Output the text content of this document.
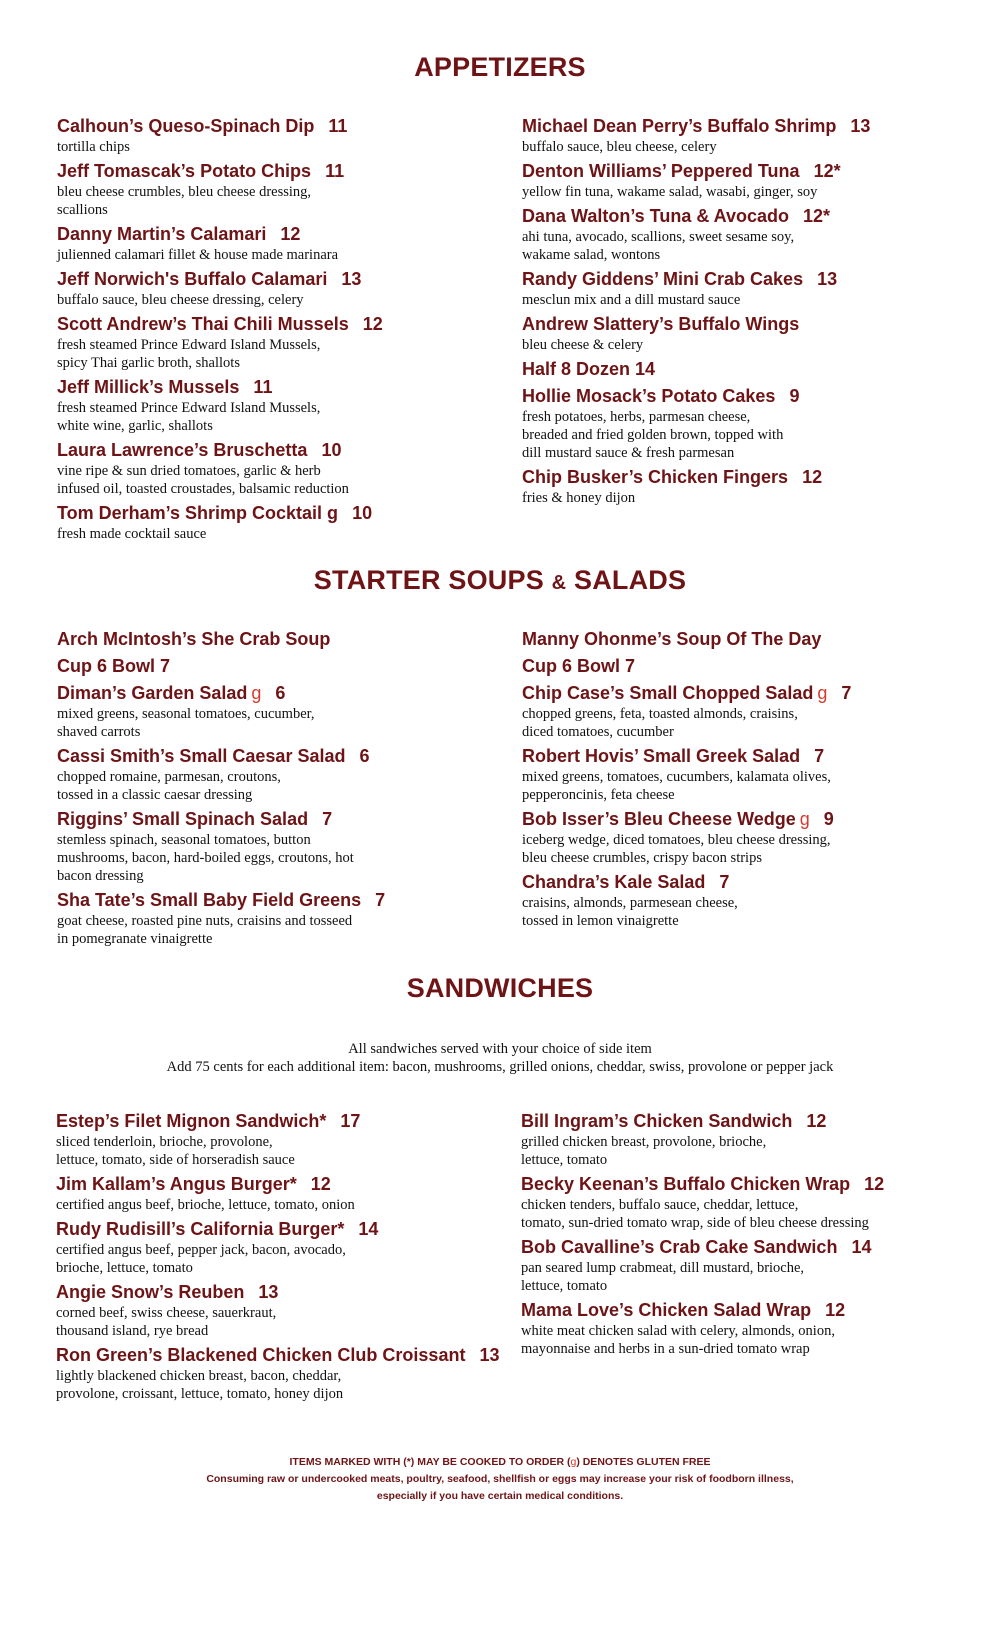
APPETIZERS
Calhoun’s Queso-Spinach Dip 11
tortilla chips
Jeff Tomascak’s Potato Chips 11
bleu cheese crumbles, bleu cheese dressing,
scallions
Danny Martin’s Calamari 12
julienned calamari fillet & house made marinara
Jeff Norwich's Buffalo Calamari 13
buffalo sauce, bleu cheese dressing, celery
Scott Andrew’s Thai Chili Mussels 12
fresh steamed Prince Edward Island Mussels,
spicy Thai garlic broth, shallots
Jeff Millick’s Mussels 11
fresh steamed Prince Edward Island Mussels,
white wine, garlic, shallots
Laura Lawrence’s Bruschetta 10
vine ripe & sun dried tomatoes, garlic & herb
infused oil, toasted croustades, balsamic reduction
Tom Derham’s Shrimp Cocktail g 10
fresh made cocktail sauce
Michael Dean Perry’s Buffalo Shrimp 13
buffalo sauce, bleu cheese, celery
Denton Williams’ Peppered Tuna 12*
yellow fin tuna, wakame salad, wasabi, ginger, soy
Dana Walton’s Tuna & Avocado 12*
ahi tuna, avocado, scallions, sweet sesame soy,
wakame salad, wontons
Randy Giddens’ Mini Crab Cakes 13
mesclun mix and a dill mustard sauce
Andrew Slattery’s Buffalo Wings
bleu cheese & celery
Half 8 Dozen 14
Hollie Mosack’s Potato Cakes 9
fresh potatoes, herbs, parmesan cheese,
breaded and fried golden brown, topped with
dill mustard sauce & fresh parmesan
Chip Busker’s Chicken Fingers 12
fries & honey dijon
STARTER SOUPS & SALADS
Arch McIntosh’s She Crab Soup
Cup 6 Bowl 7
Diman’s Garden Salad g 6
mixed greens, seasonal tomatoes, cucumber,
shaved carrots
Cassi Smith’s Small Caesar Salad 6
chopped romaine, parmesan, croutons,
tossed in a classic caesar dressing
Riggins’ Small Spinach Salad 7
stemless spinach, seasonal tomatoes, button
mushrooms, bacon, hard-boiled eggs, croutons, hot
bacon dressing
Sha Tate’s Small Baby Field Greens 7
goat cheese, roasted pine nuts, craisins and tosseed
in pomegranate vinaigrette
Manny Ohonme’s Soup Of The Day
Cup 6 Bowl 7
Chip Case’s Small Chopped Salad g 7
chopped greens, feta, toasted almonds, craisins,
diced tomatoes, cucumber
Robert Hovis’ Small Greek Salad 7
mixed greens, tomatoes, cucumbers, kalamata olives,
pepperoncinis, feta cheese
Bob Isser’s Bleu Cheese Wedge g 9
iceberg wedge, diced tomatoes, bleu cheese dressing,
bleu cheese crumbles, crispy bacon strips
Chandra’s Kale Salad 7
craisins, almonds, parmesean cheese,
tossed in lemon vinaigrette
SANDWICHES
All sandwiches served with your choice of side item
Add 75 cents for each additional item: bacon, mushrooms, grilled onions, cheddar, swiss, provolone or pepper jack
Estep’s Filet Mignon Sandwich* 17
sliced tenderloin, brioche, provolone,
lettuce, tomato, side of horseradish sauce
Jim Kallam’s Angus Burger* 12
certified angus beef, brioche, lettuce, tomato, onion
Rudy Rudisill’s California Burger* 14
certified angus beef, pepper jack, bacon, avocado,
brioche, lettuce, tomato
Angie Snow’s Reuben 13
corned beef, swiss cheese, sauerkraut,
thousand island, rye bread
Ron Green’s Blackened Chicken Club Croissant 13
lightly blackened chicken breast, bacon, cheddar,
provolone, croissant, lettuce, tomato, honey dijon
Bill Ingram’s Chicken Sandwich 12
grilled chicken breast, provolone, brioche,
lettuce, tomato
Becky Keenan’s Buffalo Chicken Wrap 12
chicken tenders, buffalo sauce, cheddar, lettuce,
tomato, sun-dried tomato wrap, side of bleu cheese dressing
Bob Cavalline’s Crab Cake Sandwich 14
pan seared lump crabmeat, dill mustard, brioche,
lettuce, tomato
Mama Love’s Chicken Salad Wrap 12
white meat chicken salad with celery, almonds, onion,
mayonnaise and herbs in a sun-dried tomato wrap
ITEMS MARKED WITH (*) MAY BE COOKED TO ORDER (g) DENOTES GLUTEN FREE
Consuming raw or undercooked meats, poultry, seafood, shellfish or eggs may increase your risk of foodborn illness,
especially if you have certain medical conditions.
